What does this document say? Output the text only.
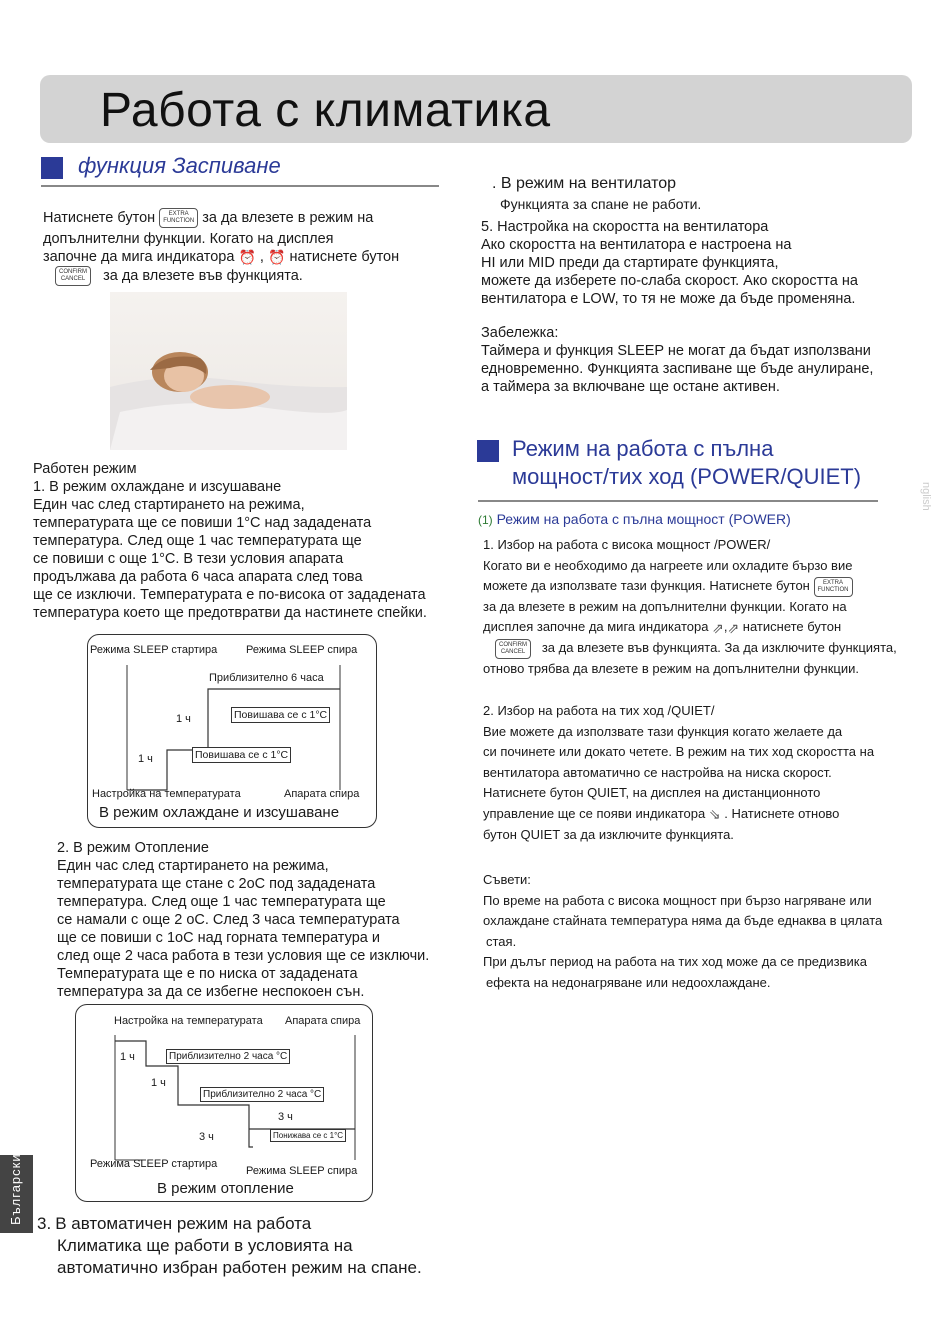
Работа с климатика
функция Заспиване
Натиснете бутон EXTRA
FUNCTION за да влезете в режим на
допълнителни функции. Когато на дисплея
започне да мига индикатора ⏰ , ⏰ натиснете бутон
CONFIRM
CANCEL за да влезете във функцията.
Работен режим
1. В режим охлаждане и изсушаване
Един час след стартирането на режима,
температурата ще се повиши 1°C над зададената
температура. След още 1 час температурата ще
се повиши с още 1°C. В тези условия апарата
продължава да работа 6 часа апарата след това
ще се изключи. Температурата е по-висока от зададената
температура което ще предотвратви да настинете спейки.
Режима SLEEP стартира	Режима SLEEP спира
Приблизително 6 часа
1 ч	Повишава се с 1°C
1 ч	Повишава се с 1°C
Настройка на температурата	Апарата спира
В режим охлаждане и изсушаване
2. В режим Отопление
Един час след стартирането на режима,
температурата ще стане с 2оC под зададената
температура. След още 1 час температурата ще
се намали с още 2 оC. След 3 часа температурата
ще се повиши с 1оC над горната температура и
след още 2 часа работа в тези условия ще се изключи.
Температурата ще е по ниска от зададената
температура за да се избегне неспокоен сън.
Настройка на температурата Апарата спира
1 ч	Приблизително 2 часа °C
1 ч
Приблизително 2 часа °C
3 ч
3 ч	Понижава се с 1°C
Режима SLEEP стартира
Режима SLEEP спира
В режим отопление
3. В автоматичен режим на работа
Климатика ще работи в условията на
автоматично избран работен режим на спане.
Български
. В режим на вентилатор
Функцията за спане не работи.
5. Настройка на скоростта на вентилатора
Ако скоростта на вентилатора е настроена на
HI или MID преди да стартирате функцията,
можете да изберете по-слаба скорост. Ако скоростта на
вентилатора е LOW, то тя не може да бъде променяна.
Забележка:
Таймера и функция SLEEP не могат да бъдат използвани
едновременно. Функцията заспиване ще бъде анулиране,
а таймера за включване ще остане активен.
Режим на работа с пълна
мощност/тих ход (POWER/QUIET)
nglish
(1) Режим на работа с пълна мощност (POWER)
1. Избор на работа с висока мощност /POWER/
Когато ви е необходимо да нагреете или охладите бързо вие
можете да използвате тази функция. Натиснете бутон EXTRA
FUNCTION
за да влезете в режим на допълнителни функции. Когато на
дисплея започне да мига индикатора ⇗,⇗ натиснете бутон
CONFIRM
CANCEL за да влезете във функцията. За да изключите функцията,
отново трябва да влезете в режим на допълнителни функции.
2. Избор на работа на тих ход /QUIET/
Вие можете да използвате тази функция когато желаете да
си починете или докато четете. В режим на тих ход скоростта на
вентилатора автоматично се настройва на ниска скорост.
Натиснете бутон QUIET, на дисплея на дистанционното
управление ще се появи индикатора ⇘ . Натиснете отново
бутон QUIET за да изключите функцията.
Съвети:
По време на работа с висока мощност при бързо нагряване или
охлаждане стайната температура няма да бъде еднаква в цялата
стая.
При дълъг период на работа на тих ход може да се предизвика
ефекта на недонагряване или недоохлаждане.
